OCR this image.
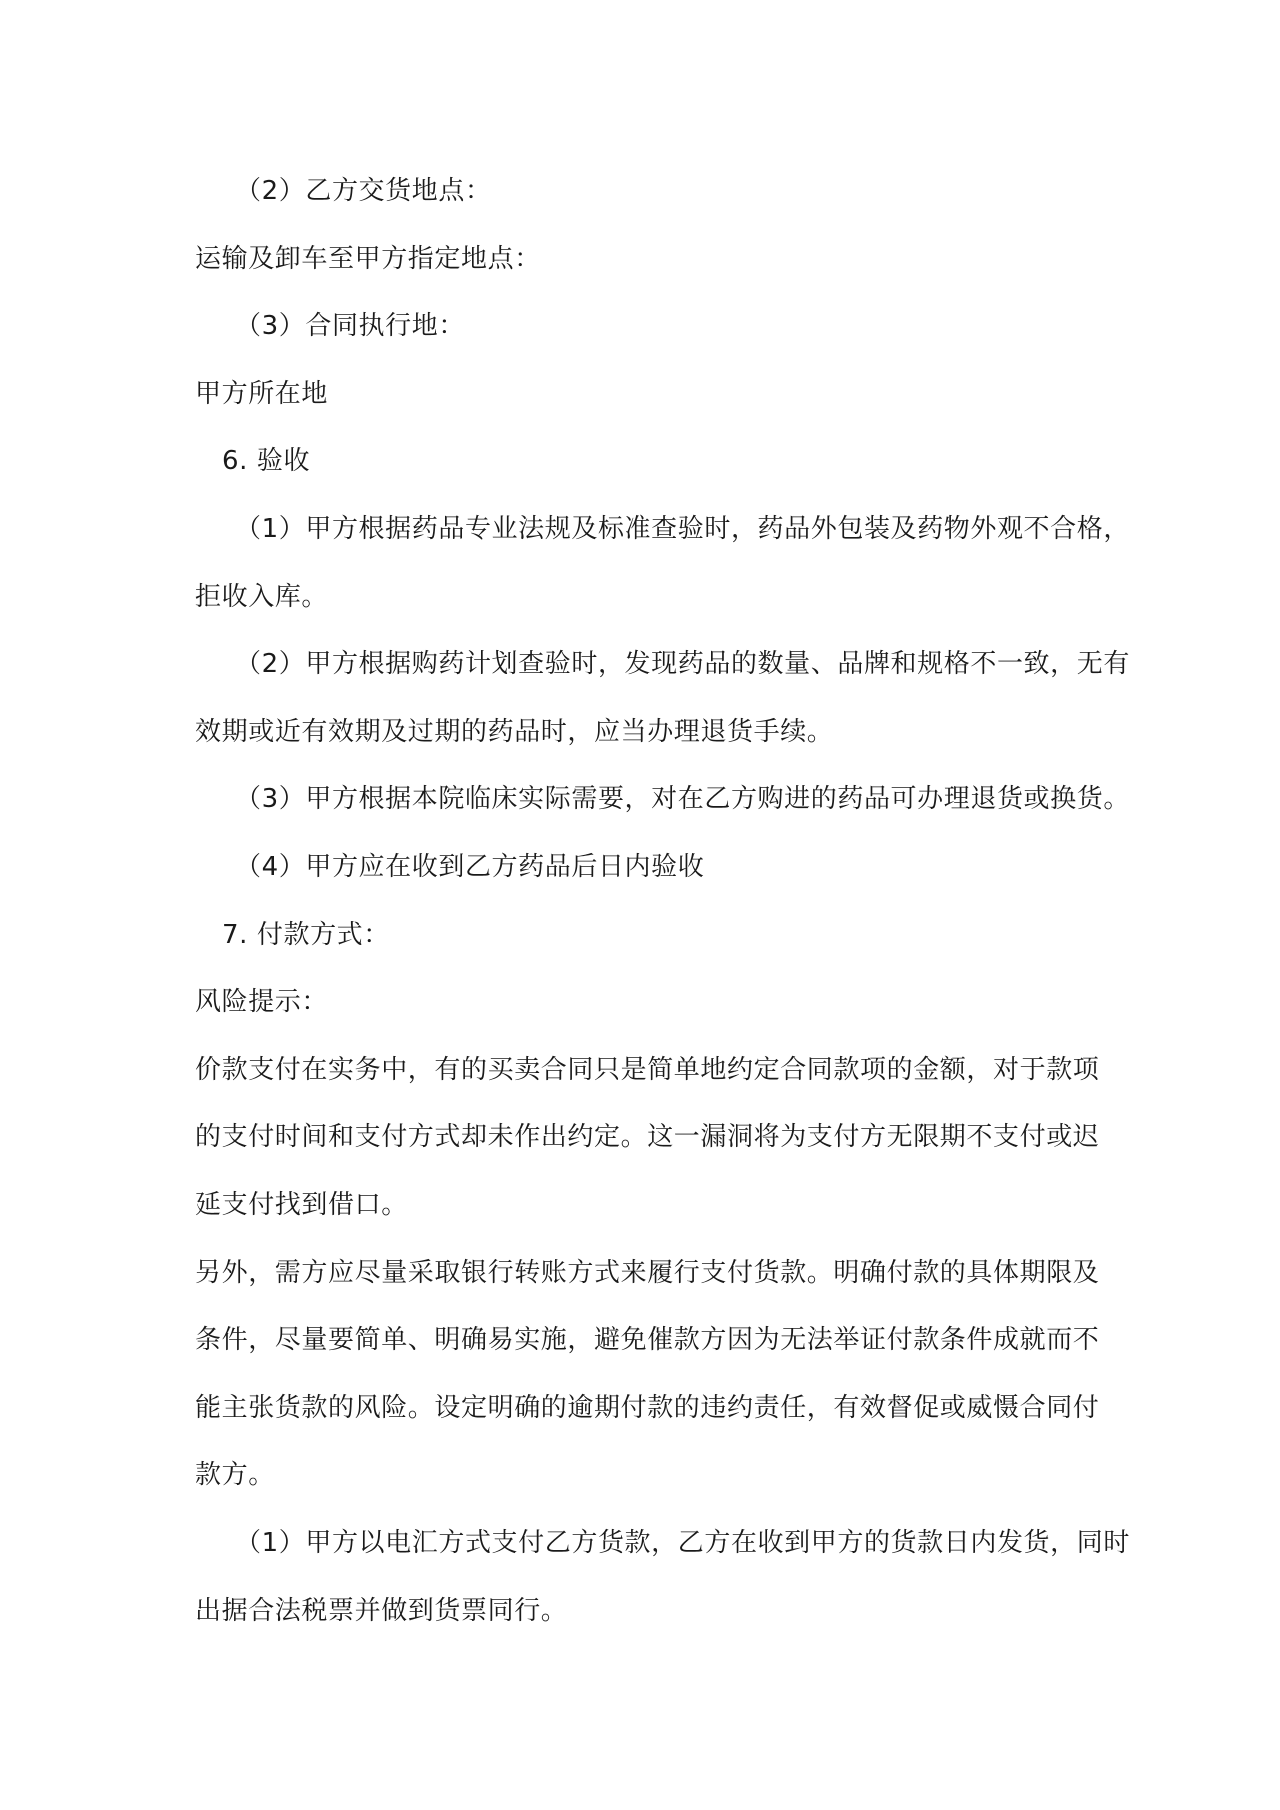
（2）乙方交货地点：
运输及卸车至甲方指定地点：
（3）合同执行地：
甲方所在地
6. 验收
（1）甲方根据药品专业法规及标准查验时，药品外包装及药物外观不合格，
拒收入库。
（2）甲方根据购药计划查验时，发现药品的数量、品牌和规格不一致，无有
效期或近有效期及过期的药品时，应当办理退货手续。
（3）甲方根据本院临床实际需要，对在乙方购进的药品可办理退货或换货。
（4）甲方应在收到乙方药品后日内验收
7. 付款方式：
风险提示：
价款支付在实务中，有的买卖合同只是简单地约定合同款项的金额，对于款项
的支付时间和支付方式却未作出约定。这一漏洞将为支付方无限期不支付或迟
延支付找到借口。
另外，需方应尽量采取银行转账方式来履行支付货款。明确付款的具体期限及
条件，尽量要简单、明确易实施，避免催款方因为无法举证付款条件成就而不
能主张货款的风险。设定明确的逾期付款的违约责任，有效督促或威慑合同付
款方。
（1）甲方以电汇方式支付乙方货款，乙方在收到甲方的货款日内发货，同时
出据合法税票并做到货票同行。
